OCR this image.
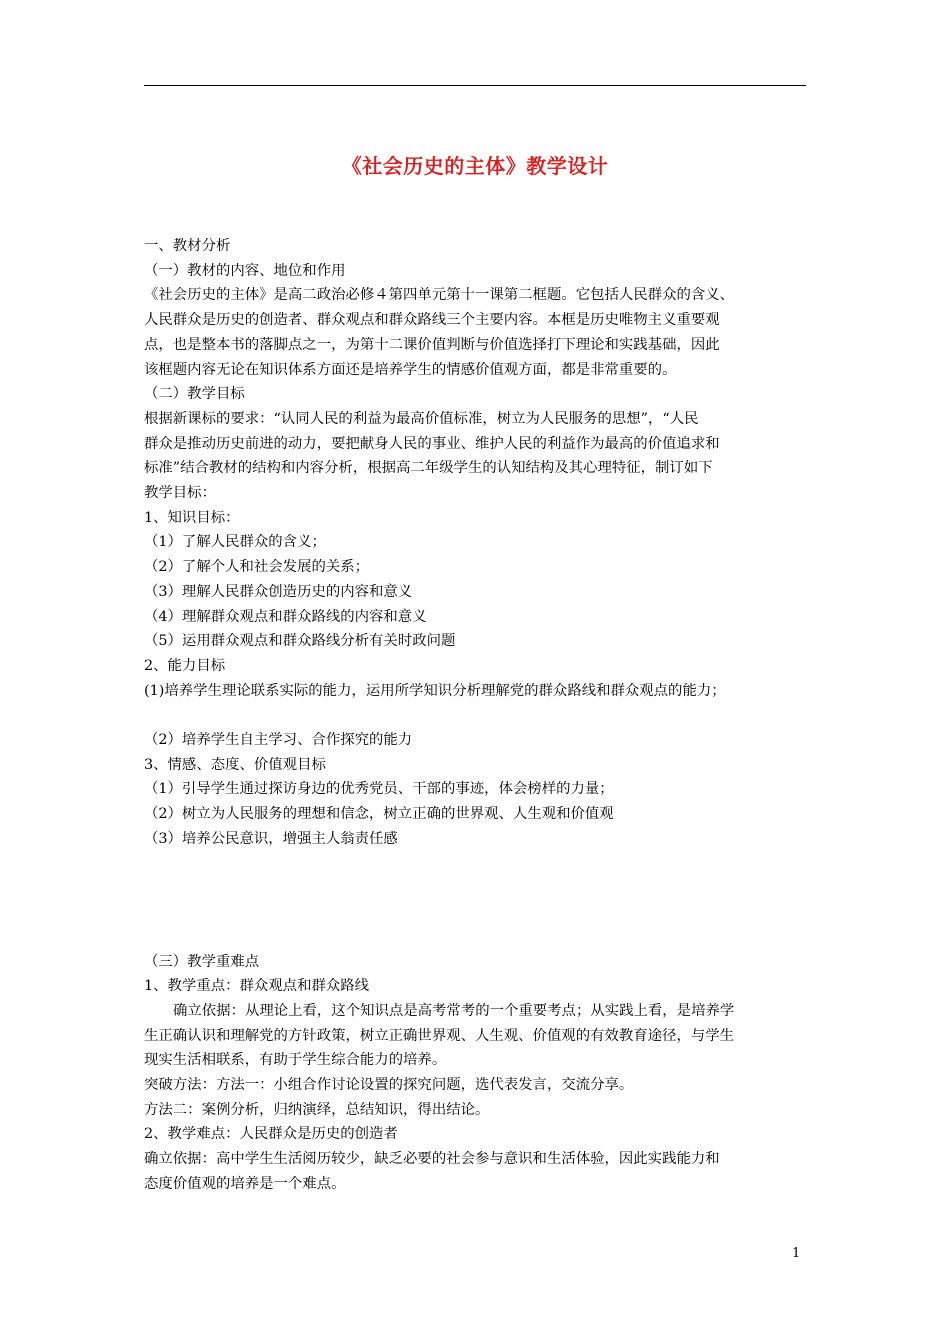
《社会历史的主体》教学设计

一、教材分析

（一）教材的内容、地位和作用

《社会历史的主体》是高二政治必修４第四单元第十一课第二框题。它包括人民群众的含义、

人民群众是历史的创造者、群众观点和群众路线三个主要内容。本框是历史唯物主义重要观

点，也是整本书的落脚点之一，为第十二课价值判断与价值选择打下理论和实践基础，因此

该框题内容无论在知识体系方面还是培养学生的情感价值观方面，都是非常重要的。

（二）教学目标

根据新课标的要求：“认同人民的利益为最高价值标准，树立为人民服务的思想”，“人民

群众是推动历史前进的动力，要把献身人民的事业、维护人民的利益作为最高的价值追求和

标准”结合教材的结构和内容分析，根据高二年级学生的认知结构及其心理特征，制订如下

教学目标：

1、知识目标：

（1）了解人民群众的含义；

（2）了解个人和社会发展的关系；

（3）理解人民群众创造历史的内容和意义

（4）理解群众观点和群众路线的内容和意义

（5）运用群众观点和群众路线分析有关时政问题

2、能力目标

(1)培养学生理论联系实际的能力，运用所学知识分析理解党的群众路线和群众观点的能力；

（2）培养学生自主学习、合作探究的能力

3、情感、态度、价值观目标

（1）引导学生通过探访身边的优秀党员、干部的事迹，体会榜样的力量；

（2）树立为人民服务的理想和信念，树立正确的世界观、人生观和价值观

（3）培养公民意识，增强主人翁责任感

（三）教学重难点

1、教学重点：群众观点和群众路线

确立依据：从理论上看，这个知识点是高考常考的一个重要考点；从实践上看，是培养学

生正确认识和理解党的方针政策，树立正确世界观、人生观、价值观的有效教育途径，与学生

现实生活相联系，有助于学生综合能力的培养。

突破方法：方法一：小组合作讨论设置的探究问题，选代表发言，交流分享。

方法二：案例分析，归纳演绎，总结知识，得出结论。

2、教学难点：人民群众是历史的创造者

确立依据：高中学生生活阅历较少，缺乏必要的社会参与意识和生活体验，因此实践能力和

态度价值观的培养是一个难点。

1
